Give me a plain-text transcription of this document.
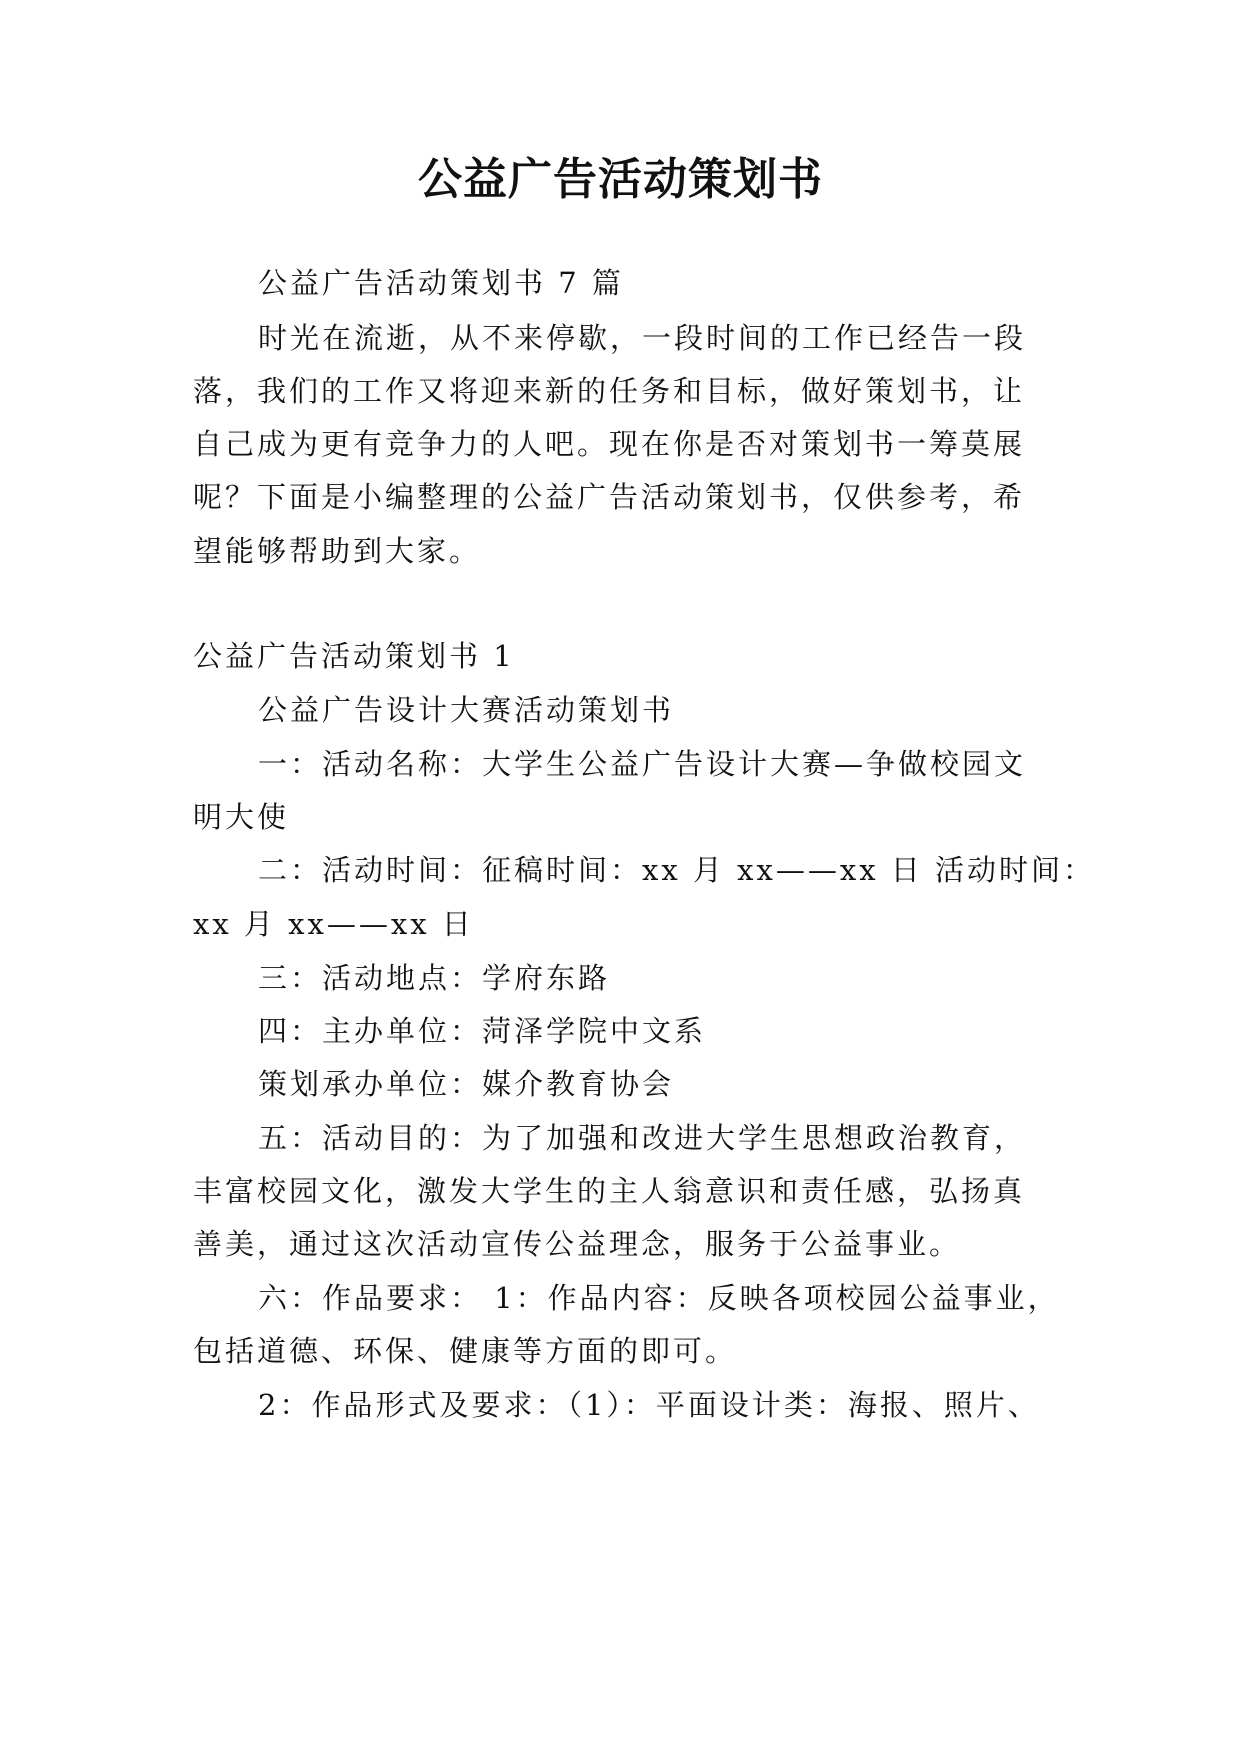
公益广告活动策划书
公益广告活动策划书 7 篇
时光在流逝，从不来停歇，一段时间的工作已经告一段
落，我们的工作又将迎来新的任务和目标，做好策划书，让
自己成为更有竞争力的人吧。现在你是否对策划书一筹莫展
呢？下面是小编整理的公益广告活动策划书，仅供参考，希
望能够帮助到大家。
公益广告活动策划书 1
公益广告设计大赛活动策划书
一：活动名称：大学生公益广告设计大赛—争做校园文
明大使
二：活动时间：征稿时间：xx 月 xx——xx 日 活动时间：
xx 月 xx——xx 日
三：活动地点：学府东路
四：主办单位：菏泽学院中文系
策划承办单位：媒介教育协会
五：活动目的：为了加强和改进大学生思想政治教育，
丰富校园文化，激发大学生的主人翁意识和责任感，弘扬真
善美，通过这次活动宣传公益理念，服务于公益事业。
六：作品要求： 1：作品内容：反映各项校园公益事业，
包括道德、环保、健康等方面的即可。
2：作品形式及要求：（1）：平面设计类：海报、照片、
